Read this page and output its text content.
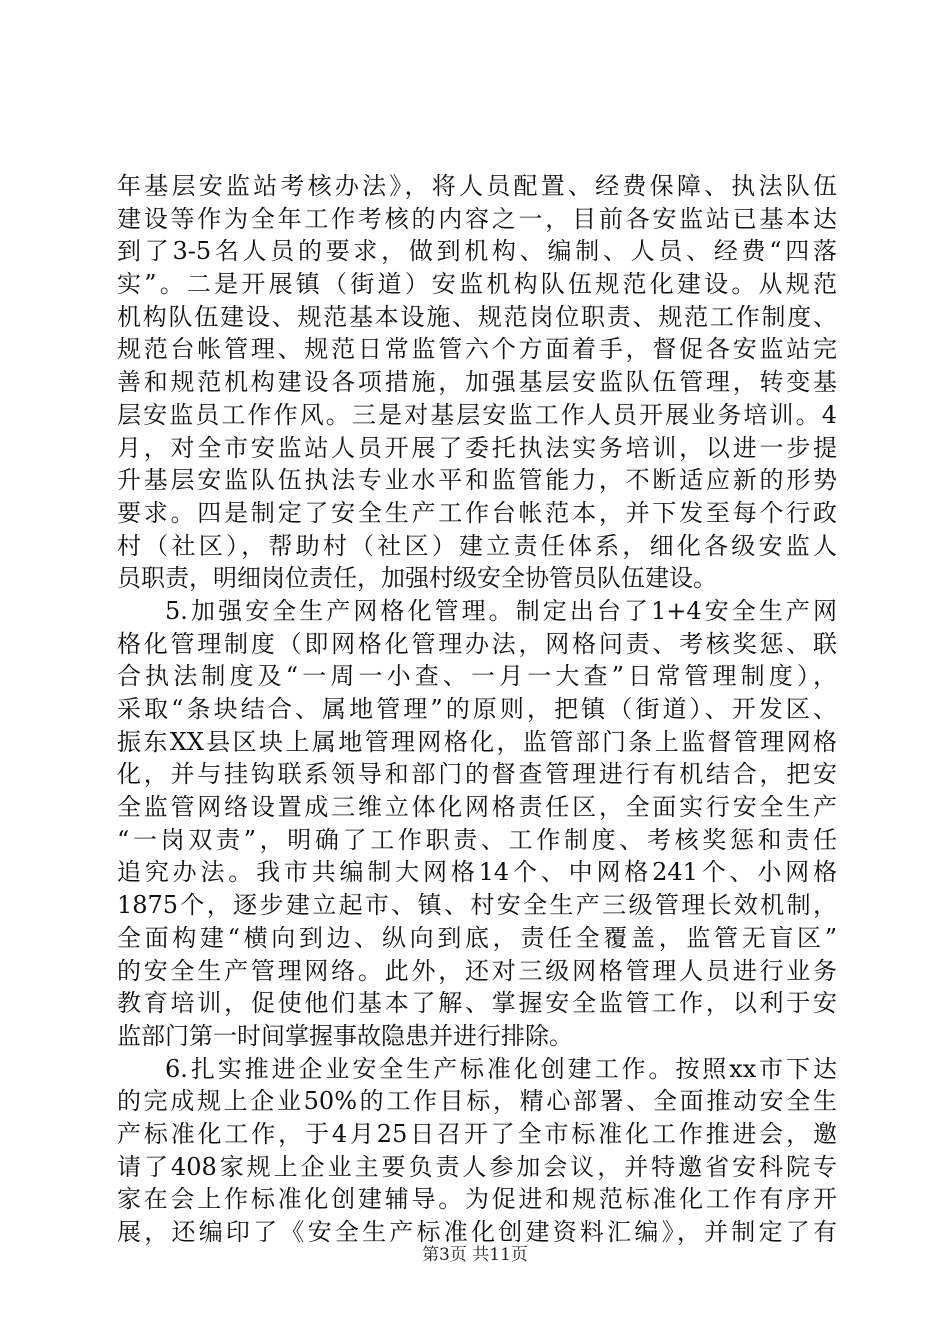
年基层安监站考核办法》，将人员配置、经费保障、执法队伍
建设等作为全年工作考核的内容之一，目前各安监站已基本达
到了3-5名人员的要求，做到机构、编制、人员、经费“四落
实”。二是开展镇（街道）安监机构队伍规范化建设。从规范
机构队伍建设、规范基本设施、规范岗位职责、规范工作制度、
规范台帐管理、规范日常监管六个方面着手，督促各安监站完
善和规范机构建设各项措施，加强基层安监队伍管理，转变基
层安监员工作作风。三是对基层安监工作人员开展业务培训。4
月，对全市安监站人员开展了委托执法实务培训，以进一步提
升基层安监队伍执法专业水平和监管能力，不断适应新的形势
要求。四是制定了安全生产工作台帐范本，并下发至每个行政
村（社区），帮助村（社区）建立责任体系，细化各级安监人
员职责，明细岗位责任，加强村级安全协管员队伍建设。
5.加强安全生产网格化管理。制定出台了1+4安全生产网
格化管理制度（即网格化管理办法，网格问责、考核奖惩、联
合执法制度及“一周一小查、一月一大查”日常管理制度），
采取“条块结合、属地管理”的原则，把镇（街道）、开发区、
振东XX县区块上属地管理网格化，监管部门条上监督管理网格
化，并与挂钩联系领导和部门的督查管理进行有机结合，把安
全监管网络设置成三维立体化网格责任区，全面实行安全生产
“一岗双责”，明确了工作职责、工作制度、考核奖惩和责任
追究办法。我市共编制大网格14个、中网格241个、小网格
1875个，逐步建立起市、镇、村安全生产三级管理长效机制，
全面构建“横向到边、纵向到底，责任全覆盖，监管无盲区”
的安全生产管理网络。此外，还对三级网格管理人员进行业务
教育培训，促使他们基本了解、掌握安全监管工作，以利于安
监部门第一时间掌握事故隐患并进行排除。
6.扎实推进企业安全生产标准化创建工作。按照xx市下达
的完成规上企业50%的工作目标，精心部署、全面推动安全生
产标准化工作，于4月25日召开了全市标准化工作推进会，邀
请了408家规上企业主要负责人参加会议，并特邀省安科院专
家在会上作标准化创建辅导。为促进和规范标准化工作有序开
展，还编印了《安全生产标准化创建资料汇编》，并制定了有
第3页 共11页
